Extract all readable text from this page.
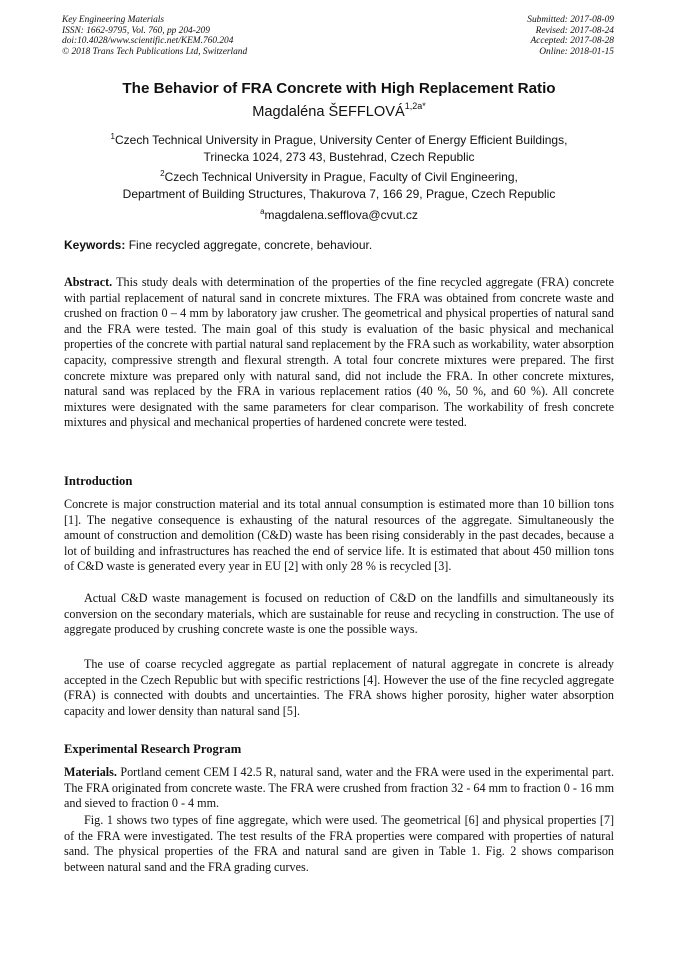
Key Engineering Materials
ISSN: 1662-9795, Vol. 760, pp 204-209
doi:10.4028/www.scientific.net/KEM.760.204
© 2018 Trans Tech Publications Ltd, Switzerland
Submitted: 2017-08-09
Revised: 2017-08-24
Accepted: 2017-08-28
Online: 2018-01-15
The Behavior of FRA Concrete with High Replacement Ratio
Magdaléna $ŠEFFLOVÁ^{1,2a*}$
$^1$Czech Technical University in Prague, University Center of Energy Efficient Buildings,
Trinecka 1024, 273 43, Bustehrad, Czech Republic
$^2$Czech Technical University in Prague, Faculty of Civil Engineering,
Department of Building Structures, Thakurova 7, 166 29, Prague, Czech Republic
$^a$magdalena.sefflova@cvut.cz
Keywords: Fine recycled aggregate, concrete, behaviour.
Abstract. This study deals with determination of the properties of the fine recycled aggregate (FRA) concrete with partial replacement of natural sand in concrete mixtures. The FRA was obtained from concrete waste and crushed on fraction 0 – 4 mm by laboratory jaw crusher. The geometrical and physical properties of natural sand and the FRA were tested. The main goal of this study is evaluation of the basic physical and mechanical properties of the concrete with partial natural sand replacement by the FRA such as workability, water absorption capacity, compressive strength and flexural strength. A total four concrete mixtures were prepared. The first concrete mixture was prepared only with natural sand, did not include the FRA. In other concrete mixtures, natural sand was replaced by the FRA in various replacement ratios (40 %, 50 %, and 60 %). All concrete mixtures were designated with the same parameters for clear comparison. The workability of fresh concrete mixtures and physical and mechanical properties of hardened concrete were tested.
Introduction
Concrete is major construction material and its total annual consumption is estimated more than 10 billion tons [1]. The negative consequence is exhausting of the natural resources of the aggregate. Simultaneously the amount of construction and demolition (C&D) waste has been rising considerably in the past decades, because a lot of building and infrastructures has reached the end of service life. It is estimated that about 450 million tons of C&D waste is generated every year in EU [2] with only 28 % is recycled [3].
Actual C&D waste management is focused on reduction of C&D on the landfills and simultaneously its conversion on the secondary materials, which are sustainable for reuse and recycling in construction. The use of aggregate produced by crushing concrete waste is one the possible ways.
The use of coarse recycled aggregate as partial replacement of natural aggregate in concrete is already accepted in the Czech Republic but with specific restrictions [4]. However the use of the fine recycled aggregate (FRA) is connected with doubts and uncertainties. The FRA shows higher porosity, higher water absorption capacity and lower density than natural sand [5].
Experimental Research Program
Materials. Portland cement CEM I 42.5 R, natural sand, water and the FRA were used in the experimental part. The FRA originated from concrete waste. The FRA were crushed from fraction 32 - 64 mm to fraction 0 - 16 mm and sieved to fraction 0 - 4 mm.
Fig. 1 shows two types of fine aggregate, which were used. The geometrical [6] and physical properties [7] of the FRA were investigated. The test results of the FRA properties were compared with properties of natural sand. The physical properties of the FRA and natural sand are given in Table 1. Fig. 2 shows comparison between natural sand and the FRA grading curves.
